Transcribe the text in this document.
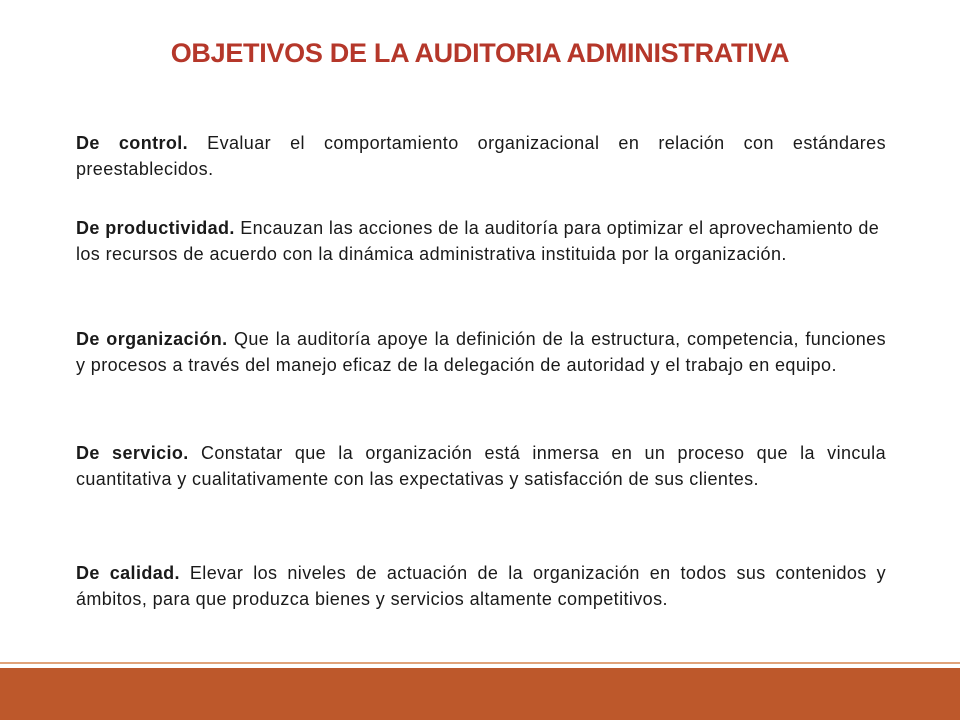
OBJETIVOS DE LA AUDITORIA ADMINISTRATIVA

De control. Evaluar el comportamiento organizacional en relación con estándares preestablecidos.

De productividad. Encauzan las acciones de la auditoría para optimizar el aprovechamiento de los recursos de acuerdo con la dinámica administrativa instituida por la organización.

De organización. Que la auditoría apoye la definición de la estructura, competencia, funciones y procesos a través del manejo eficaz de la delegación de autoridad y el trabajo en equipo.

De servicio. Constatar que la organización está inmersa en un proceso que la vincula cuantitativa y cualitativamente con las expectativas y satisfacción de sus clientes.

De calidad. Elevar los niveles de actuación de la organización en todos sus contenidos y ámbitos, para que produzca bienes y servicios altamente competitivos.
